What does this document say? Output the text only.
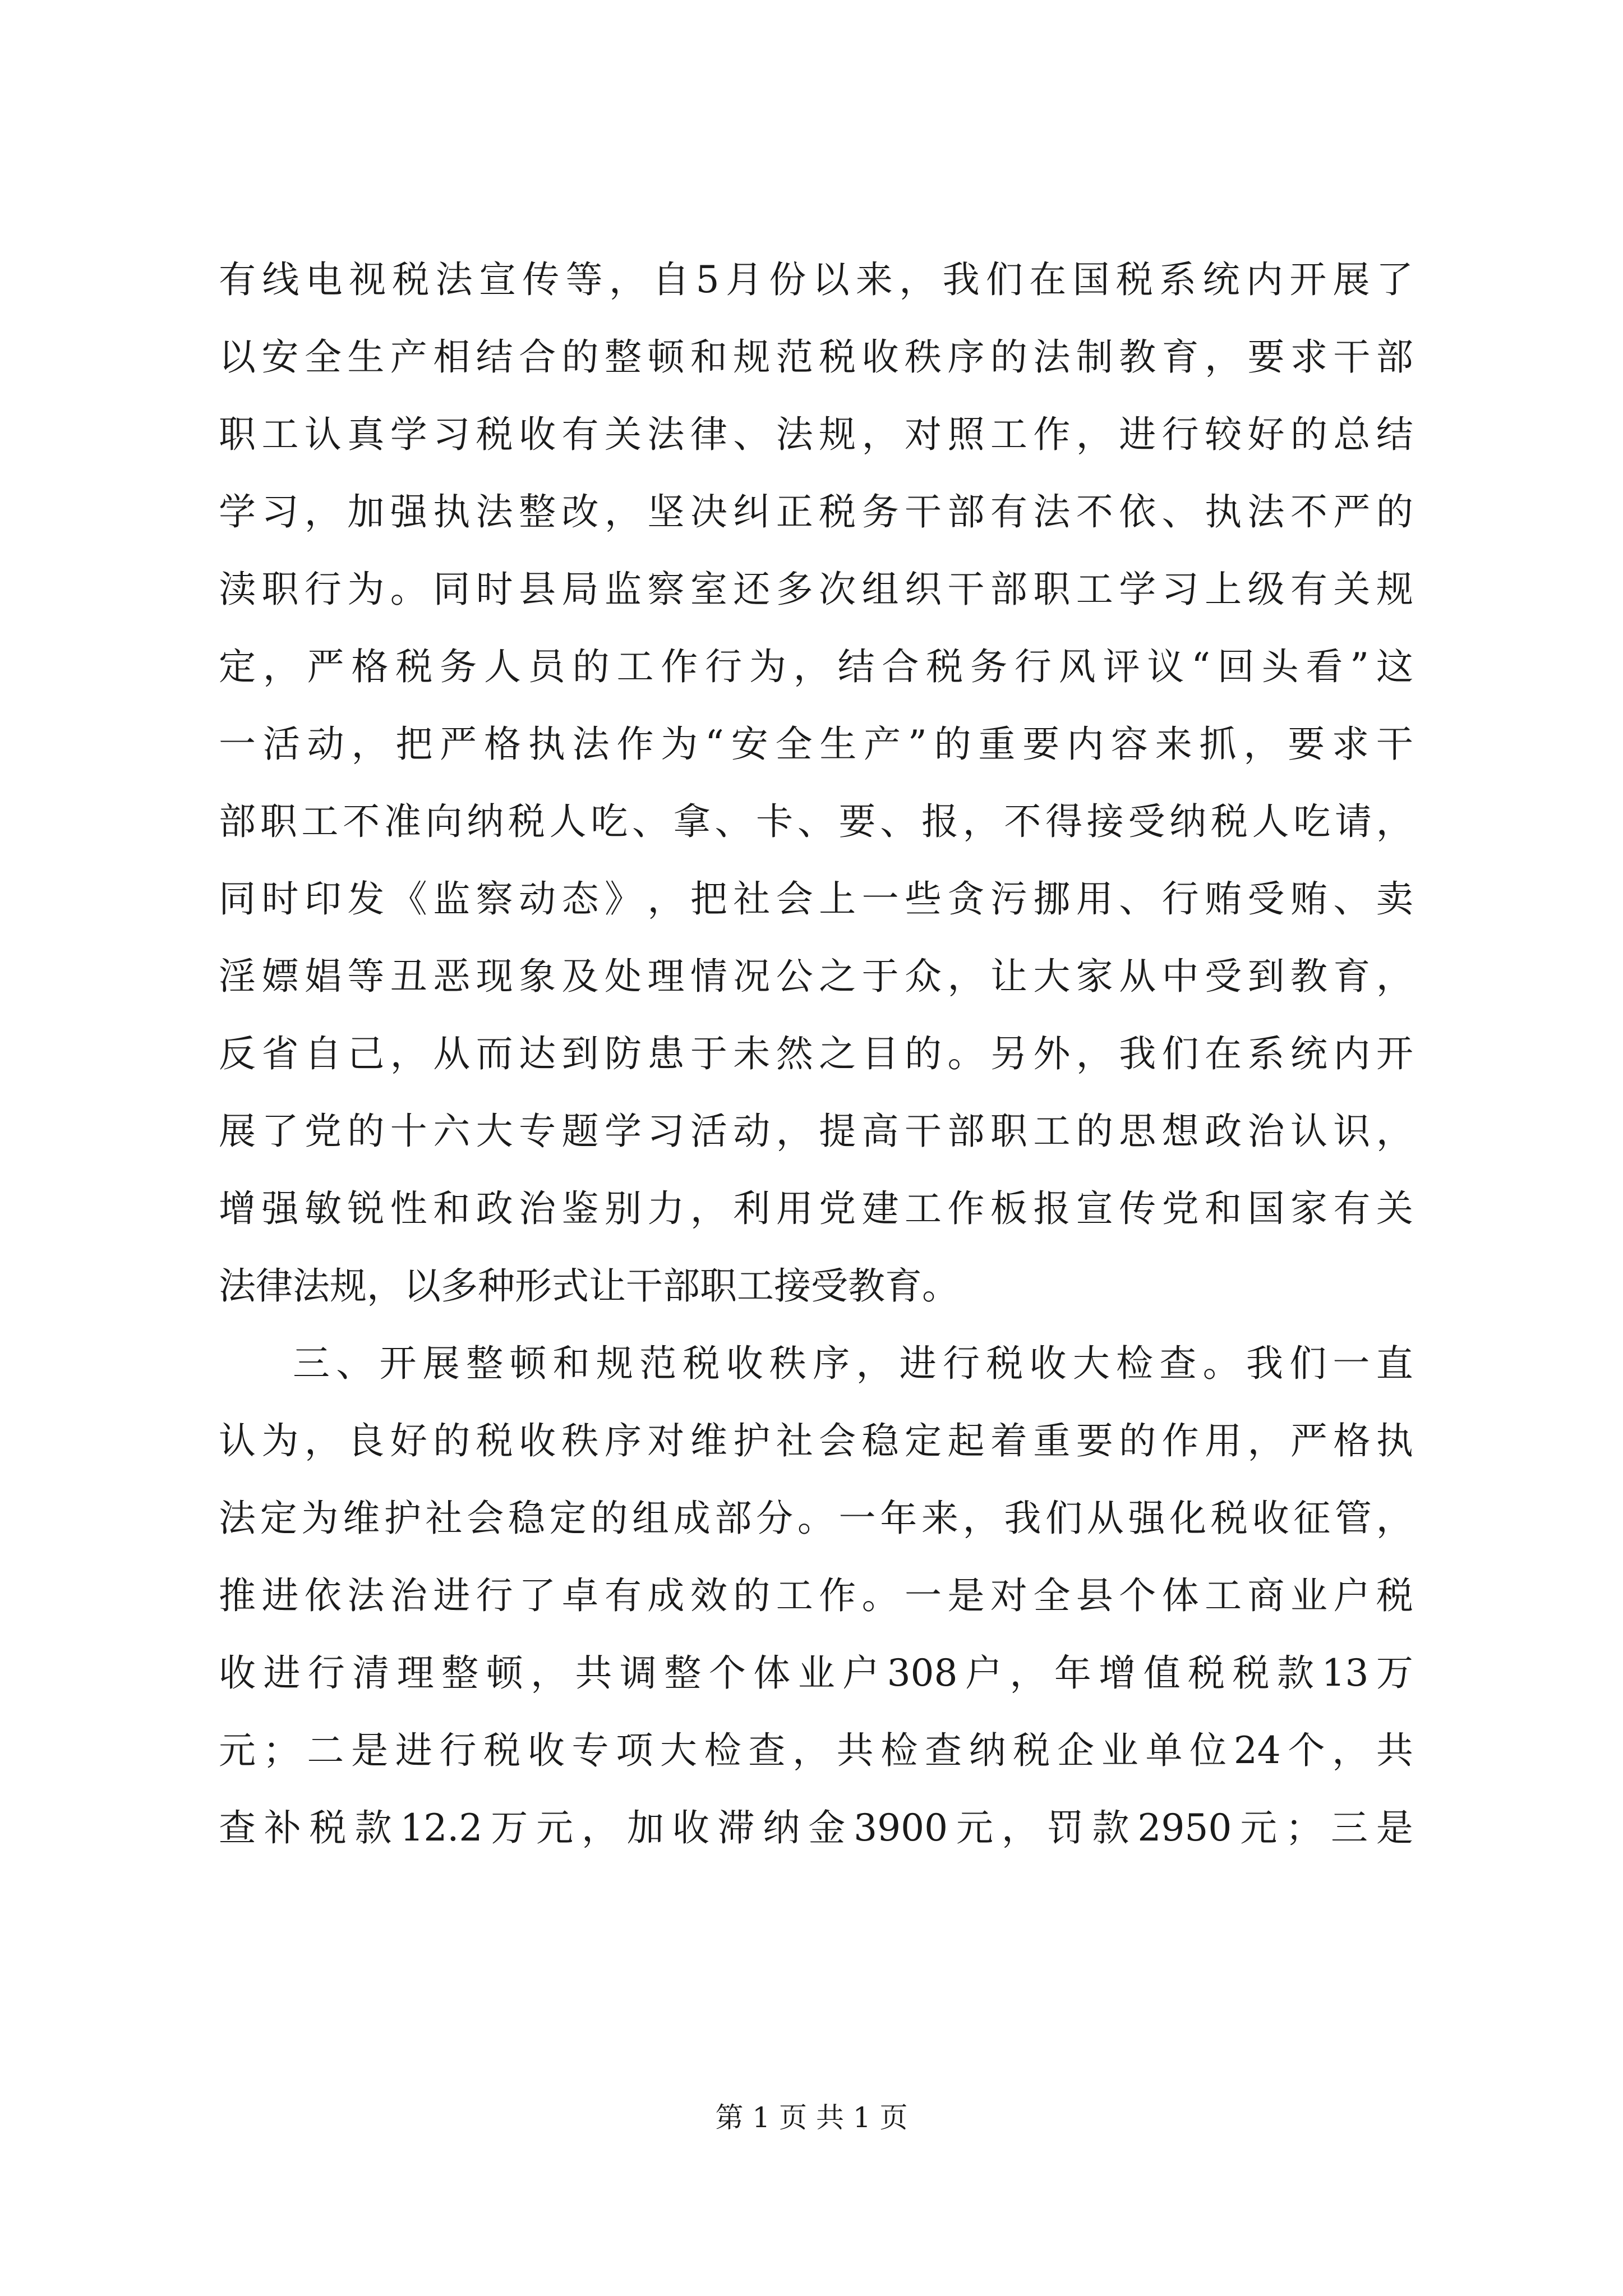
有 线 电 视 税 法 宣 传 等 ， 自 5 月 份 以 来 ， 我 们 在 国 税 系 统 内 开 展 了
以 安 全 生 产 相 结 合 的 整 顿 和 规 范 税 收 秩 序 的 法 制 教 育 ， 要 求 干 部
职 工 认 真 学 习 税 收 有 关 法 律 、 法 规 ， 对 照 工 作 ， 进 行 较 好 的 总 结
学 习 ， 加 强 执 法 整 改 ， 坚 决 纠 正 税 务 干 部 有 法 不 依 、 执 法 不 严 的
渎 职 行 为 。 同 时 县 局 监 察 室 还 多 次 组 织 干 部 职 工 学 习 上 级 有 关 规
定 ， 严 格 税 务 人 员 的 工 作 行 为 ， 结 合 税 务 行 风 评 议 “ 回 头 看 ” 这
一 活 动 ， 把 严 格 执 法 作 为 “ 安 全 生 产 ” 的 重 要 内 容 来 抓 ， 要 求 干
部 职 工 不 准 向 纳 税 人 吃 、 拿 、 卡 、 要 、 报 ， 不 得 接 受 纳 税 人 吃 请 ，
同 时 印 发 《 监 察 动 态 》 ， 把 社 会 上 一 些 贪 污 挪 用 、 行 贿 受 贿 、 卖
淫 嫖 娼 等 丑 恶 现 象 及 处 理 情 况 公 之 于 众 ， 让 大 家 从 中 受 到 教 育 ，
反 省 自 己 ， 从 而 达 到 防 患 于 未 然 之 目 的 。 另 外 ， 我 们 在 系 统 内 开
展 了 党 的 十 六 大 专 题 学 习 活 动 ， 提 高 干 部 职 工 的 思 想 政 治 认 识 ，
增 强 敏 锐 性 和 政 治 鉴 别 力 ， 利 用 党 建 工 作 板 报 宣 传 党 和 国 家 有 关
法律法规，以多种形式让干部职工接受教育。
三 、 开 展 整 顿 和 规 范 税 收 秩 序 ， 进 行 税 收 大 检 查 。 我 们 一 直
认 为 ， 良 好 的 税 收 秩 序 对 维 护 社 会 稳 定 起 着 重 要 的 作 用 ， 严 格 执
法 定 为 维 护 社 会 稳 定 的 组 成 部 分 。 一 年 来 ， 我 们 从 强 化 税 收 征 管 ，
推 进 依 法 治 进 行 了 卓 有 成 效 的 工 作 。 一 是 对 全 县 个 体 工 商 业 户 税
收 进 行 清 理 整 顿 ， 共 调 整 个 体 业 户 308 户 ， 年 增 值 税 税 款 13 万
元 ； 二 是 进 行 税 收 专 项 大 检 查 ， 共 检 查 纳 税 企 业 单 位 24 个 ， 共
查 补 税 款 12.2 万 元 ， 加 收 滞 纳 金 3900 元 ， 罚 款 2950 元 ； 三 是
第 1 页 共 1 页
